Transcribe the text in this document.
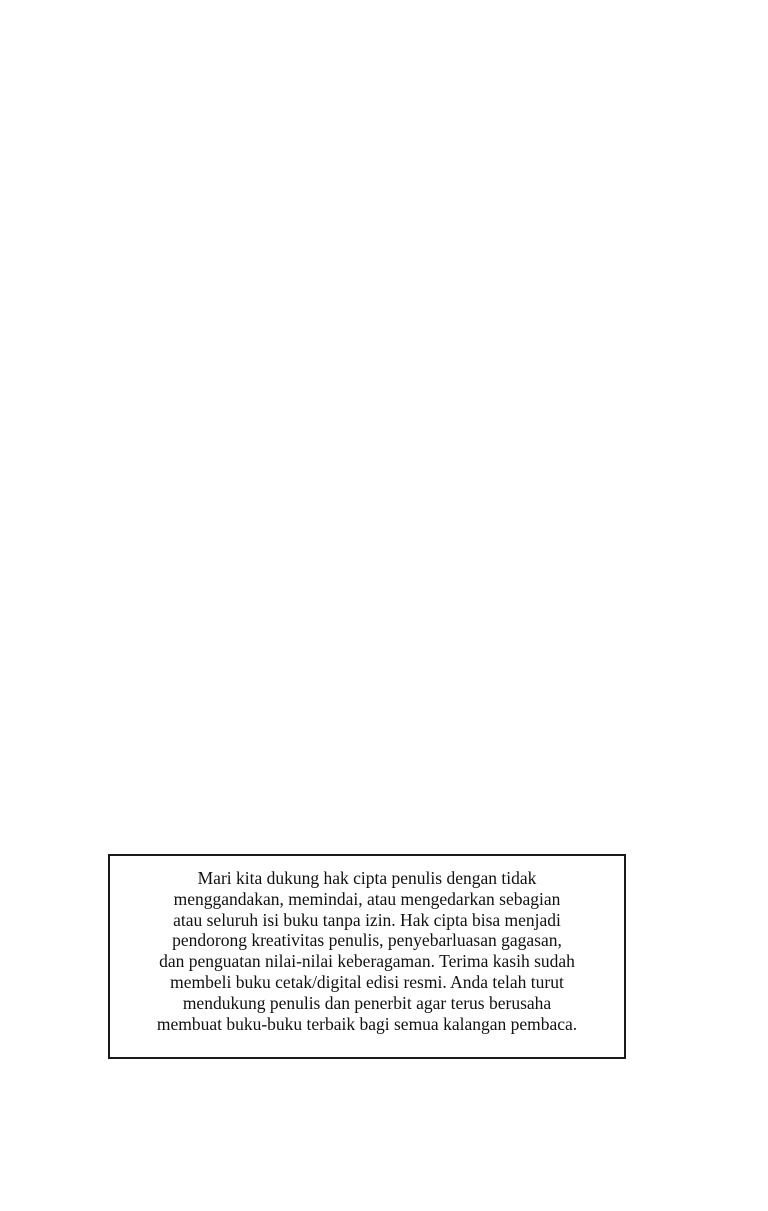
Mari kita dukung hak cipta penulis dengan tidak
menggandakan, memindai, atau mengedarkan sebagian
atau seluruh isi buku tanpa izin. Hak cipta bisa menjadi
pendorong kreativitas penulis, penyebarluasan gagasan,
dan penguatan nilai-nilai keberagaman. Terima kasih sudah
membeli buku cetak/digital edisi resmi. Anda telah turut
mendukung penulis dan penerbit agar terus berusaha
membuat buku-buku terbaik bagi semua kalangan pembaca.
